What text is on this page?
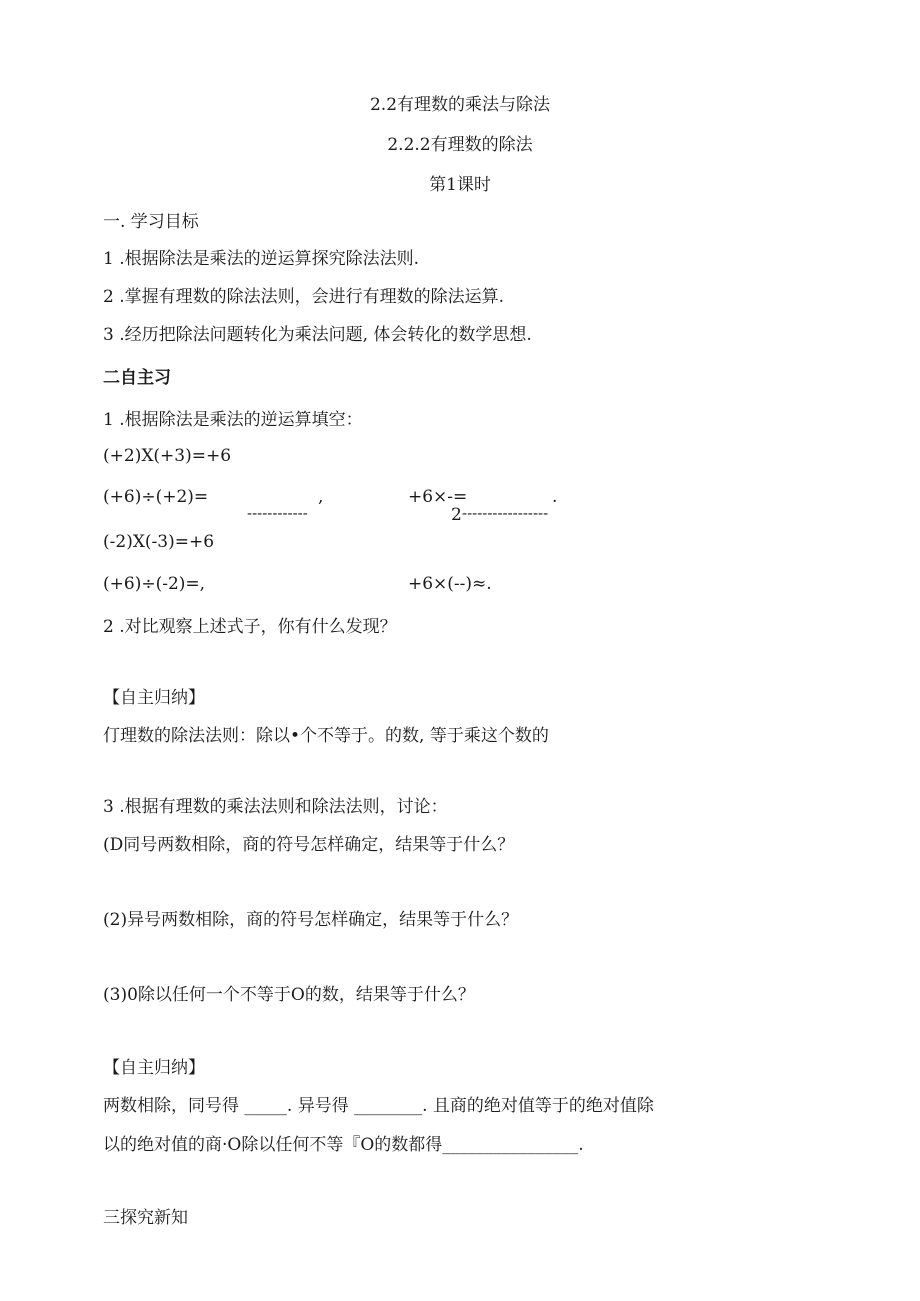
2.2有理数的乘法与除法
2.2.2有理数的除法
第1课时
一. 学习目标
1 .根据除法是乘法的逆运算探究除法法则.
2 .掌握有理数的除法法则，会进行有理数的除法运算.
3 .经历把除法问题转化为乘法问题, 体会转化的数学思想.
二自主习
1 .根据除法是乘法的逆运算填空：
(+2)X(+3)=+6
(+6)÷(+2)=	,
------------
+6×-=	.
2 -----------------
(-2)X(-3)=+6
(+6)÷(-2)=,	+6×(--)≈.
2 .对比观察上述式子，你有什么发现？
【自主归纳】
仃理数的除法法则：除以•个不等于。的数, 等于乘这个数的
3 .根据有理数的乘法法则和除法法则，讨论：
(D同号两数相除，商的符号怎样确定，结果等于什么？
(2)异号两数相除，商的符号怎样确定，结果等于什么？
(3)0除以任何一个不等于O的数，结果等于什么？
【自主归纳】
两数相除，同号得 _____. 异号得 ________. 且商的绝对值等于的绝对值除
以的绝对值的商·O除以任何不等『O的数都得________________.
三探究新知
